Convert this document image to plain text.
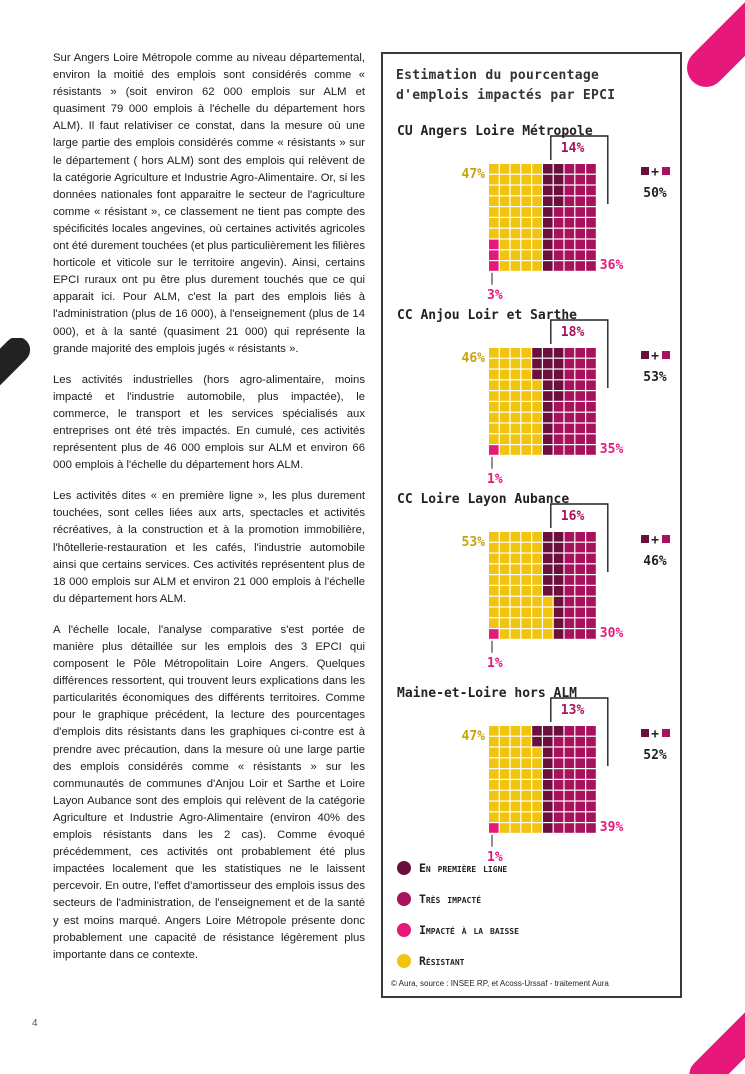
Sur Angers Loire Métropole comme au niveau départemental, environ la moitié des emplois sont considérés comme « résistants » (soit environ 62 000 emplois sur ALM et quasiment 79 000 emplois à l'échelle du département hors ALM). Il faut relativiser ce constat, dans la mesure où une large partie des emplois considérés comme « résistants » sur le département ( hors ALM) sont des emplois qui relèvent de la catégorie Agriculture et Industrie Agro-Alimentaire. Or, si les données nationales font apparaitre le secteur de l'agriculture comme « résistant », ce classement ne tient pas compte des spécificités locales angevines, où certaines activités agricoles ont été durement touchées (et plus particulièrement les filières horticole et viticole sur le territoire angevin). Ainsi, certains EPCI ruraux ont pu être plus durement touchés que ce qui apparait ici. Pour ALM, c'est la part des emplois liés à l'administration (plus de 16 000), à l'enseignement (plus de 14 000), et à la santé (quasiment 21 000) qui représente la grande majorité des emplois jugés « résistants ».

Les activités industrielles (hors agro-alimentaire, moins impacté et l'industrie automobile, plus impactée), le commerce, le transport et les services spécialisés aux entreprises ont été très impactés. En cumulé, ces activités représentent plus de 46 000 emplois sur ALM et environ 66 000 emplois à l'échelle du département hors ALM.

Les activités dites « en première ligne », les plus durement touchées, sont celles liées aux arts, spectacles et activités récréatives, à la construction et à la promotion immobilière, l'hôtellerie-restauration et les cafés, l'industrie automobile ainsi que certains services. Ces activités représentent plus de 18 000 emplois sur ALM et environ 21 000 emplois à l'échelle du département hors ALM.

A l'échelle locale, l'analyse comparative s'est portée de manière plus détaillée sur les emplois des 3 EPCI qui composent le Pôle Métropolitain Loire Angers. Quelques différences ressortent, qui trouvent leurs explications dans les particularités économiques des différents territoires. Comme pour le graphique précédent, la lecture des pourcentages d'emplois dits résistants dans les graphiques ci-contre est à prendre avec précaution, dans la mesure où une large partie des emplois considérés comme « résistants » sur les communautés de communes d'Anjou Loir et Sarthe et Loire Layon Aubance sont des emplois qui relèvent de la catégorie Agriculture et Industrie Agro-Alimentaire (environ 40% des emplois résistants dans les 2 cas). Comme évoqué précédemment, ces activités ont probablement été plus impactées localement que les statistiques ne le laissent percevoir. En outre, l'effet d'amortisseur des emplois issus des secteurs de l'administration, de l'enseignement et de la santé y est moins marqué. Angers Loire Métropole présente donc probablement une capacité de résistance légèrement plus importante dans ce contexte.

4
Estimation du pourcentage d'emplois impactés par EPCI
CU Angers Loire Métropole
14%
47%
36%
3%
+
50%
CC Anjou Loir et Sarthe
18%
46%
35%
1%
+
53%
CC Loire Layon Aubance
16%
53%
30%
1%
+
46%
Maine-et-Loire hors ALM
13%
47%
39%
1%
+
52%
En première ligne
Très impacté
Impacté à la baisse
Résistant
© Aura, source : INSEE RP, et Acoss-Urssaf - traitement Aura
